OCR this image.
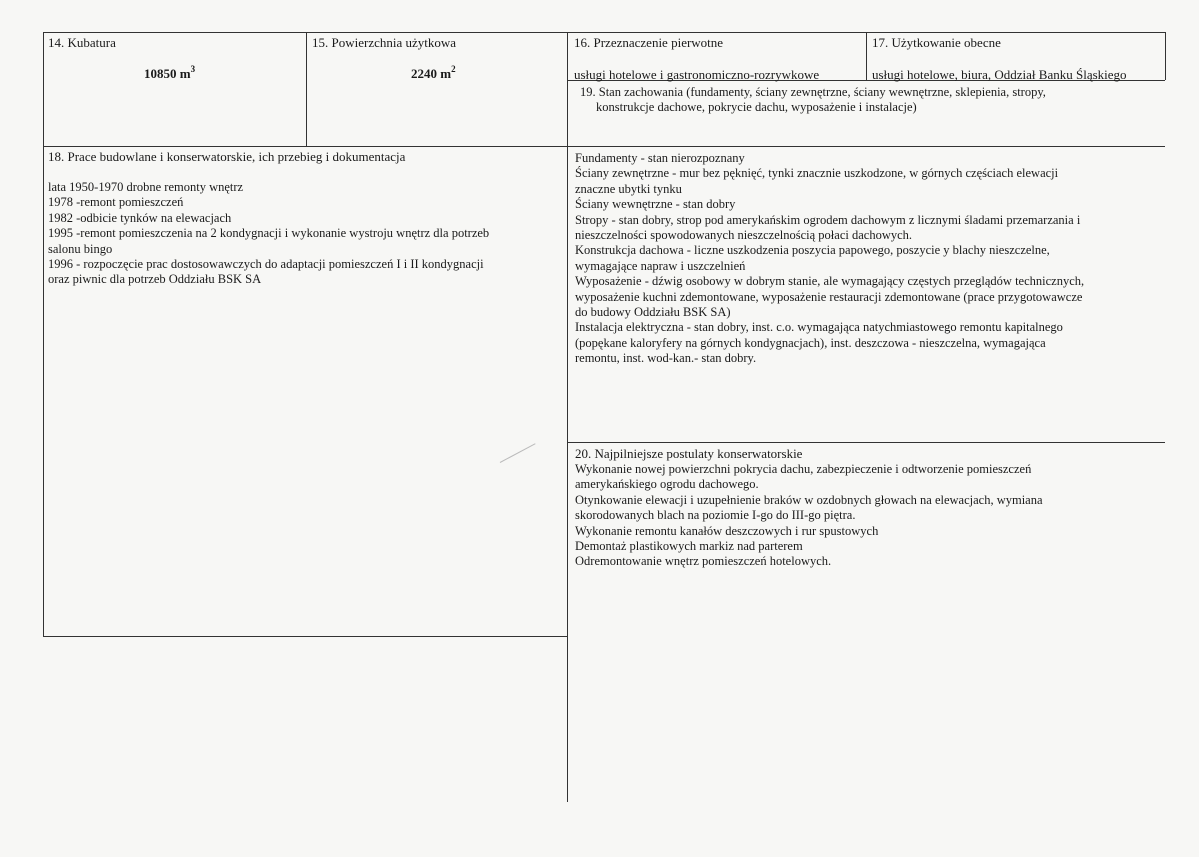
14. Kubatura
10850 $m^3$
15. Powierzchnia użytkowa
2240 $m^2$
16. Przeznaczenie pierwotne
usługi hotelowe i gastronomiczno-rozrywkowe
17. Użytkowanie obecne
usługi hotelowe, biura, Oddział Banku Śląskiego
19. Stan zachowania (fundamenty, ściany zewnętrzne, ściany wewnętrzne, sklepienia, stropy,
konstrukcje dachowe, pokrycie dachu, wyposażenie i instalacje)
18. Prace budowlane i konserwatorskie, ich przebieg i dokumentacja

lata 1950-1970 drobne remonty wnętrz

1978 -remont pomieszczeń

1982 -odbicie tynków na elewacjach

1995 -remont pomieszczenia na 2 kondygnacji i wykonanie wystroju wnętrz dla potrzeb

salonu bingo

1996 - rozpoczęcie prac dostosowawczych do adaptacji pomieszczeń I i II kondygnacji

oraz piwnic dla potrzeb Oddziału BSK SA

Fundamenty - stan nierozpoznany

Ściany zewnętrzne - mur bez pęknięć, tynki znacznie uszkodzone, w górnych częściach elewacji

znaczne ubytki tynku

Ściany wewnętrzne - stan dobry

Stropy - stan dobry, strop pod amerykańskim ogrodem dachowym z licznymi śladami przemarzania i

nieszczelności spowodowanych nieszczelnością połaci dachowych.

Konstrukcja dachowa - liczne uszkodzenia poszycia papowego, poszycie y blachy nieszczelne,

wymagające napraw i uszczelnień

Wyposażenie - dźwig osobowy w dobrym stanie, ale wymagający częstych przeglądów technicznych,

wyposażenie kuchni zdemontowane, wyposażenie restauracji zdemontowane (prace przygotowawcze

do budowy Oddziału BSK SA)

Instalacja elektryczna - stan dobry, inst. c.o. wymagająca natychmiastowego remontu kapitalnego

(popękane kaloryfery na górnych kondygnacjach), inst. deszczowa - nieszczelna, wymagająca

remontu, inst. wod-kan.- stan dobry.

20. Najpilniejsze postulaty konserwatorskie

Wykonanie nowej powierzchni pokrycia dachu, zabezpieczenie i odtworzenie pomieszczeń

amerykańskiego ogrodu dachowego.

Otynkowanie elewacji i uzupełnienie braków w ozdobnych głowach na elewacjach, wymiana

skorodowanych blach na poziomie I-go do III-go piętra.

Wykonanie remontu kanałów deszczowych i rur spustowych

Demontaż plastikowych markiz nad parterem

Odremontowanie wnętrz pomieszczeń hotelowych.
